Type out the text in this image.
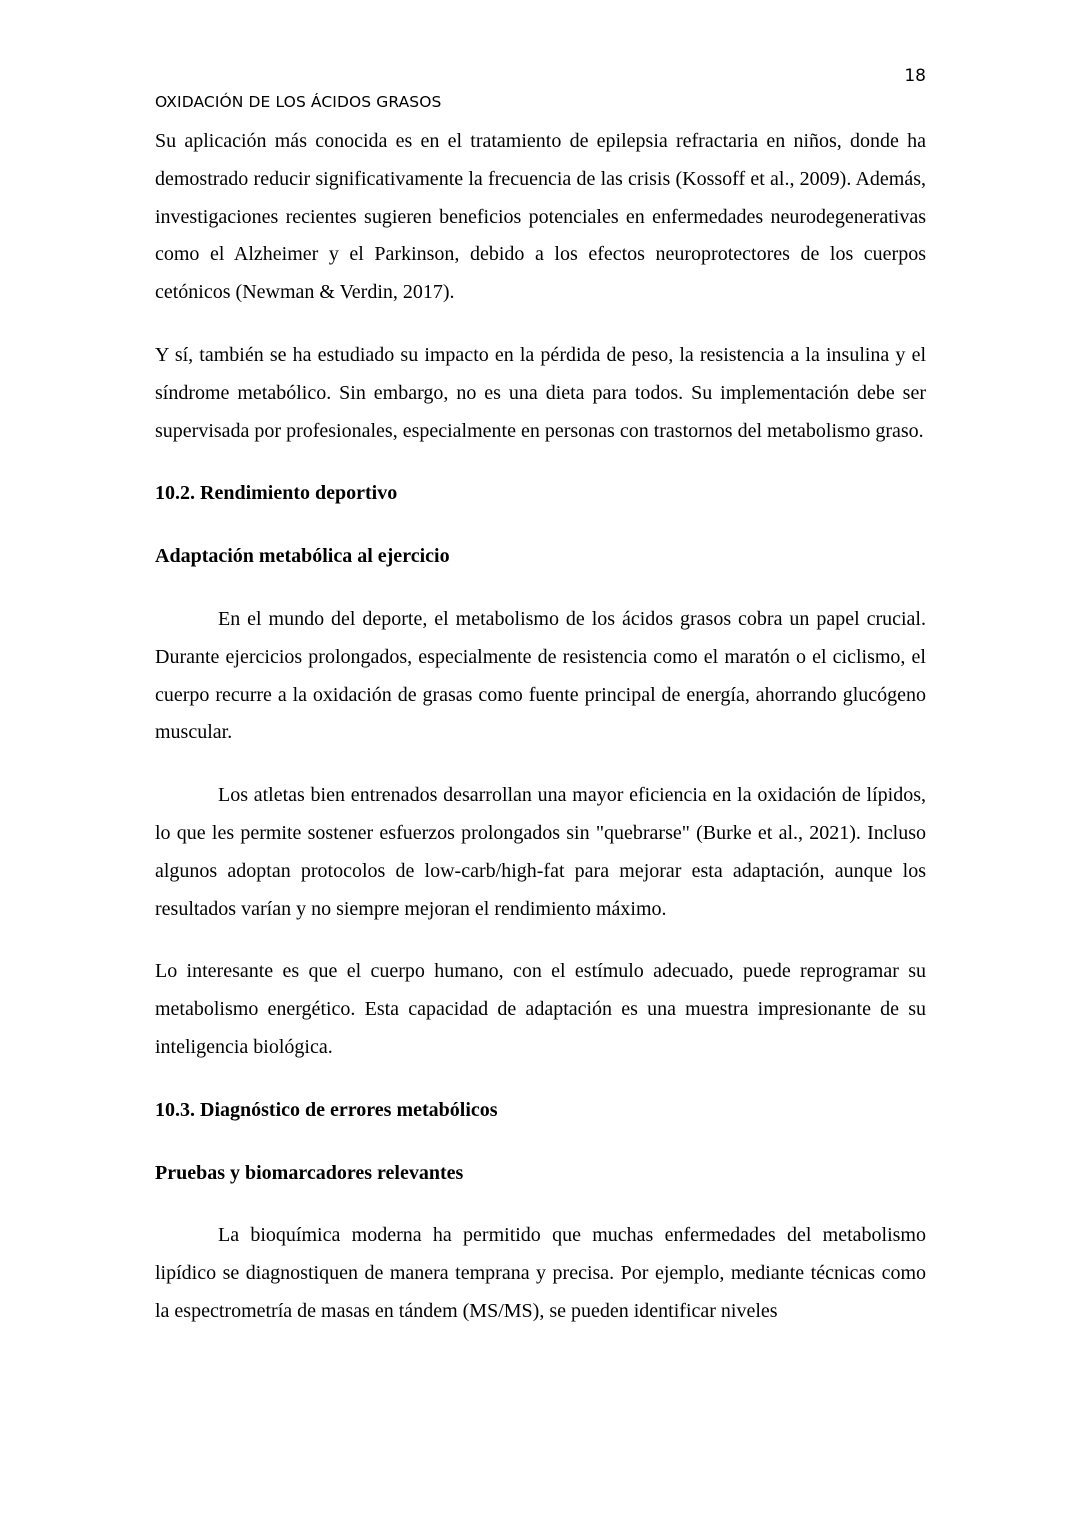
18
OXIDACIÓN DE LOS ÁCIDOS GRASOS

Su aplicación más conocida es en el tratamiento de epilepsia refractaria en niños, donde ha demostrado reducir significativamente la frecuencia de las crisis (Kossoff et al., 2009). Además, investigaciones recientes sugieren beneficios potenciales en enfermedades neurodegenerativas como el Alzheimer y el Parkinson, debido a los efectos neuroprotectores de los cuerpos cetónicos (Newman & Verdin, 2017).

Y sí, también se ha estudiado su impacto en la pérdida de peso, la resistencia a la insulina y el síndrome metabólico. Sin embargo, no es una dieta para todos. Su implementación debe ser supervisada por profesionales, especialmente en personas con trastornos del metabolismo graso.

10.2. Rendimiento deportivo

Adaptación metabólica al ejercicio

En el mundo del deporte, el metabolismo de los ácidos grasos cobra un papel crucial. Durante ejercicios prolongados, especialmente de resistencia como el maratón o el ciclismo, el cuerpo recurre a la oxidación de grasas como fuente principal de energía, ahorrando glucógeno muscular.

Los atletas bien entrenados desarrollan una mayor eficiencia en la oxidación de lípidos, lo que les permite sostener esfuerzos prolongados sin "quebrarse" (Burke et al., 2021). Incluso algunos adoptan protocolos de low-carb/high-fat para mejorar esta adaptación, aunque los resultados varían y no siempre mejoran el rendimiento máximo.

Lo interesante es que el cuerpo humano, con el estímulo adecuado, puede reprogramar su metabolismo energético. Esta capacidad de adaptación es una muestra impresionante de su inteligencia biológica.

10.3. Diagnóstico de errores metabólicos

Pruebas y biomarcadores relevantes

La bioquímica moderna ha permitido que muchas enfermedades del metabolismo lipídico se diagnostiquen de manera temprana y precisa. Por ejemplo, mediante técnicas como la espectrometría de masas en tándem (MS/MS), se pueden identificar niveles
